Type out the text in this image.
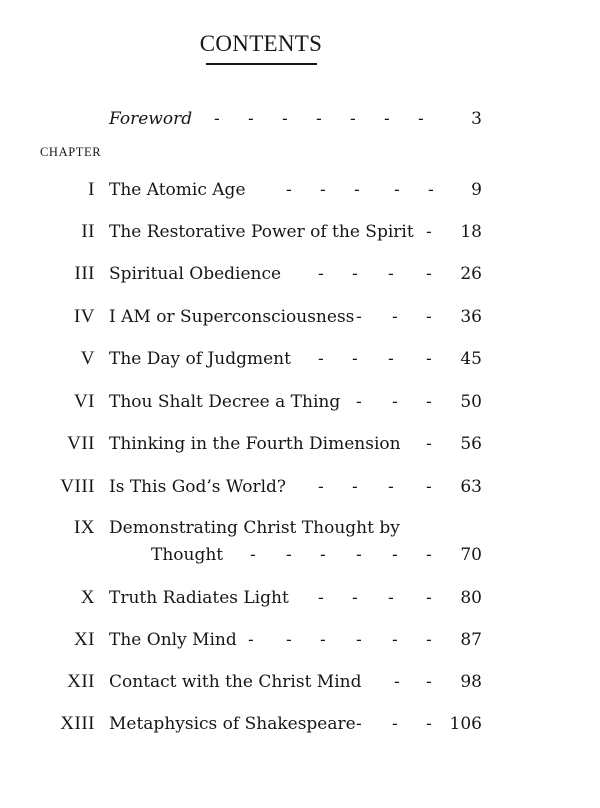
CONTENTS
Foreword - - - - - - -	3
CHAPTER
I The Atomic Age - - - - - 9
II The Restorative Power of the Spirit - 18
III Spiritual Obedience - - - - 26
IV I AM or Superconsciousness - - - 36
V The Day of Judgment - - - - 45
VI Thou Shalt Decree a Thing - - - 50
VII Thinking in the Fourth Dimension - 56
VIII Is This God’s World? - - - - 63
IX Demonstrating Christ Thought by
Thought - - - - - - 70
X Truth Radiates Light - - - - 80
XI The Only Mind - - - - - - 87
XII Contact with the Christ Mind - - 98
XIII Metaphysics of Shakespeare - - - 106
